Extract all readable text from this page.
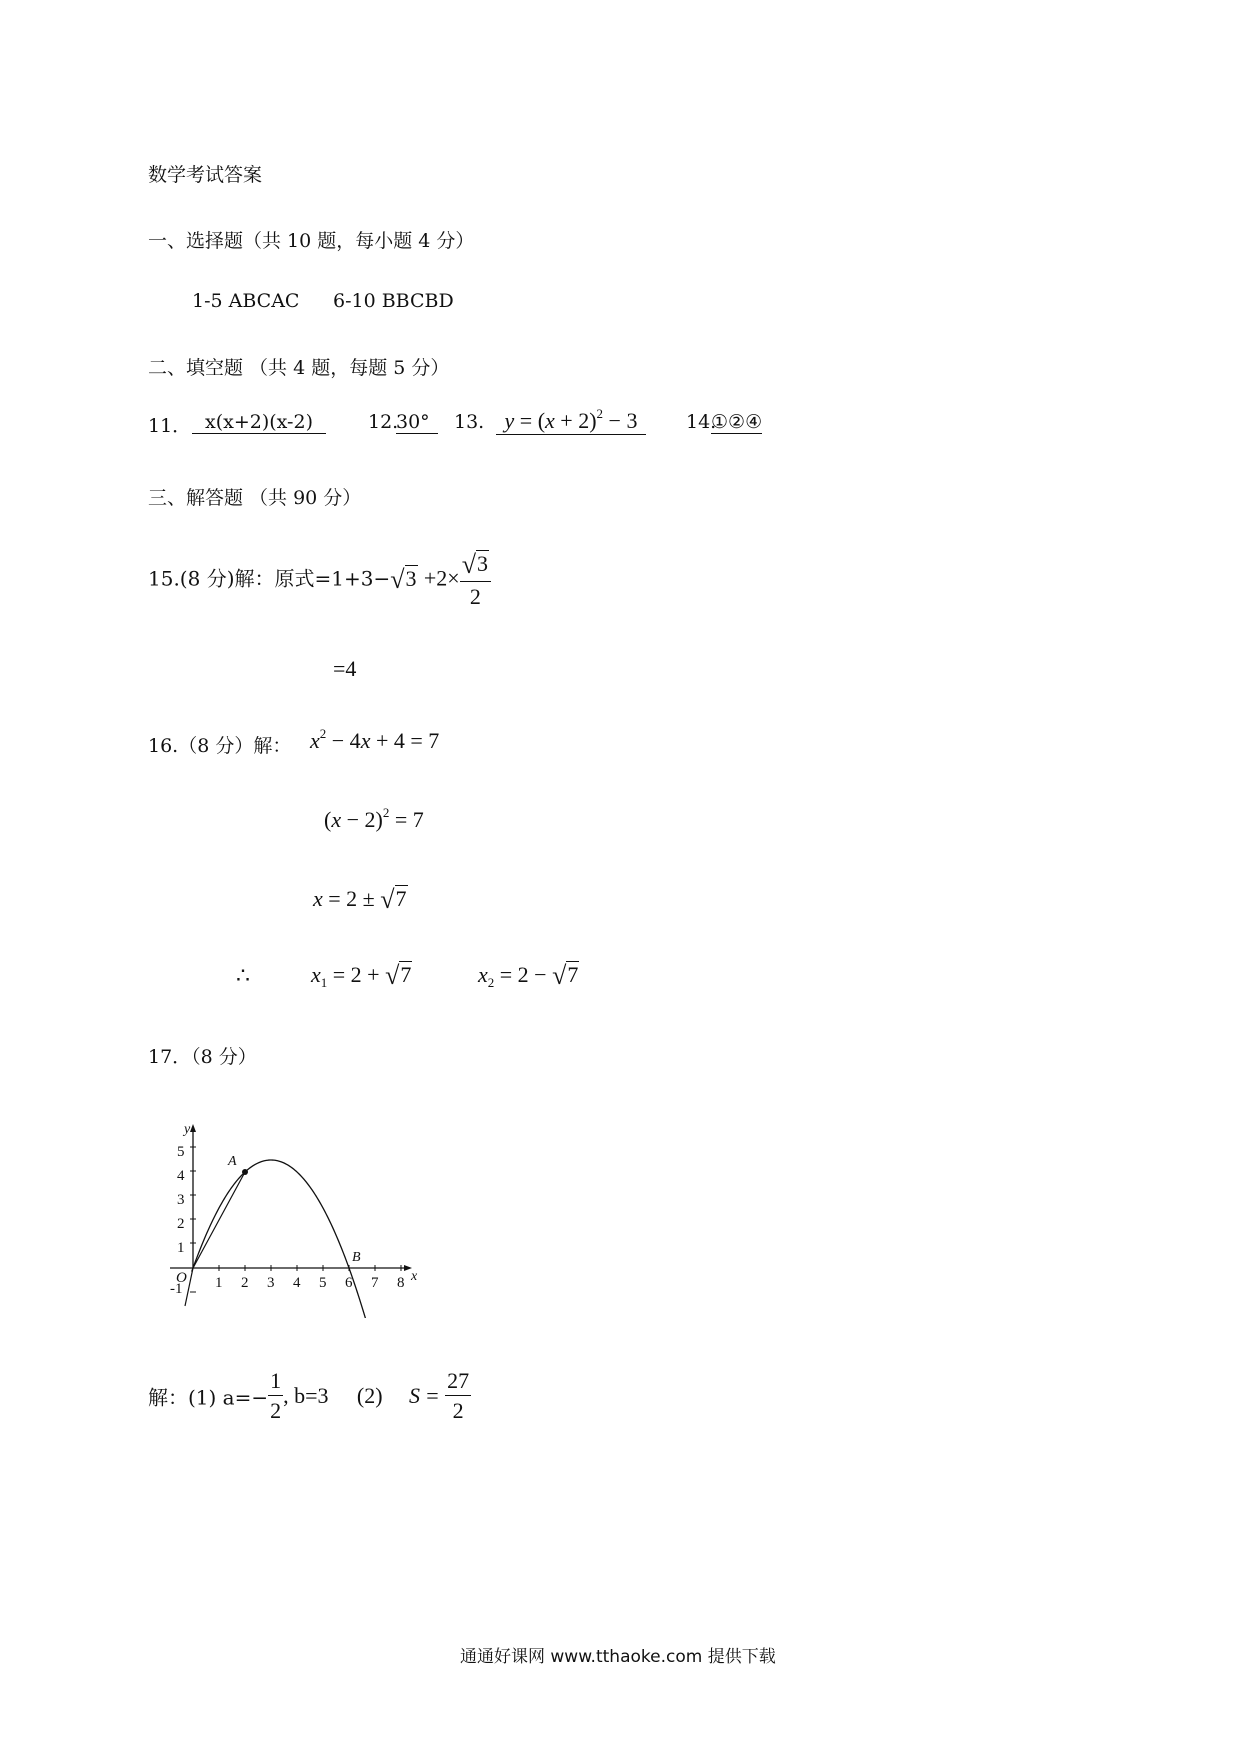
数学考试答案
一、选择题（共 10 题，每小题 4 分）
1-5 ABCAC 6-10 BBCBD
二、填空题 （共 4 题，每题 5 分）
11． x(x+2)(x-2)	12.
30°	13. $y = (x + 2)^2 - 3$	14.
①②④
三、解答题 （共 90 分）
15.(8 分)解：原式$=1+3-√3 +2\times \frac{√3}{2}$
=4
16.（8 分）解： $x^2 - 4x + 4 = 7$
$(x - 2)^2 = 7$
x = 2 ± √7
∴	$x_1 = 2 + √7$	$x_2 = 2 - √7$
17．（8 分）
1
2
3
4
5
-1 1 2 3 4 5 6 7 8
y
x
O
A
B
解：(1) $a=- \frac{1}{2}$ , b=3 (2) $S = \frac{27}{2}$
通通好课网 www.tthaoke.com 提供下载
